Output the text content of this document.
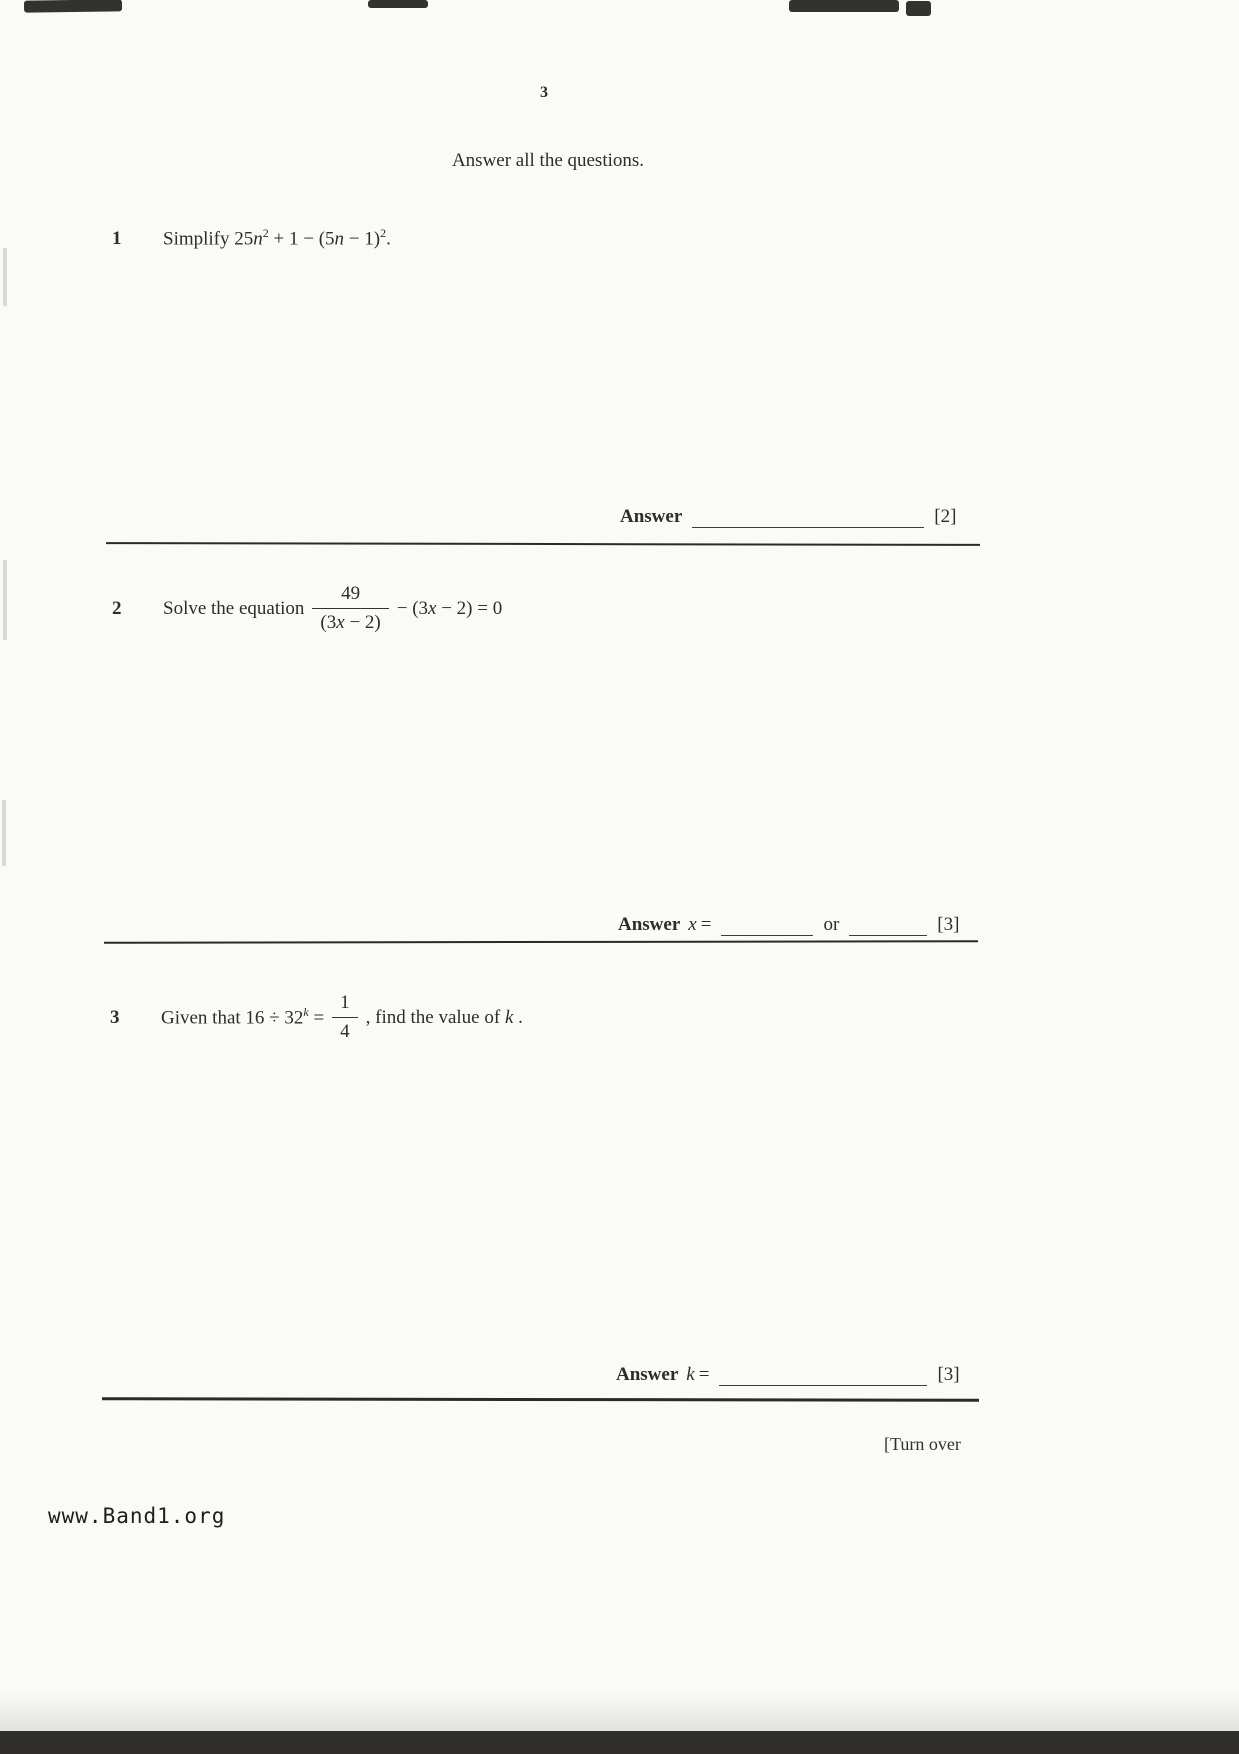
3
Answer all the questions.
1	Simplify $25n^2 + 1 - (5n - 1)^2$.
Answer	[2]
2	Solve the equation $\frac{49}{(3x - 2)} - (3x - 2) = 0$
Answer x =	or	[3]
3	Given that $16 \div 32^k = \frac{1}{4}$ , find the value of k .
Answer k =	[3]
[Turn over
www.Band1.org
